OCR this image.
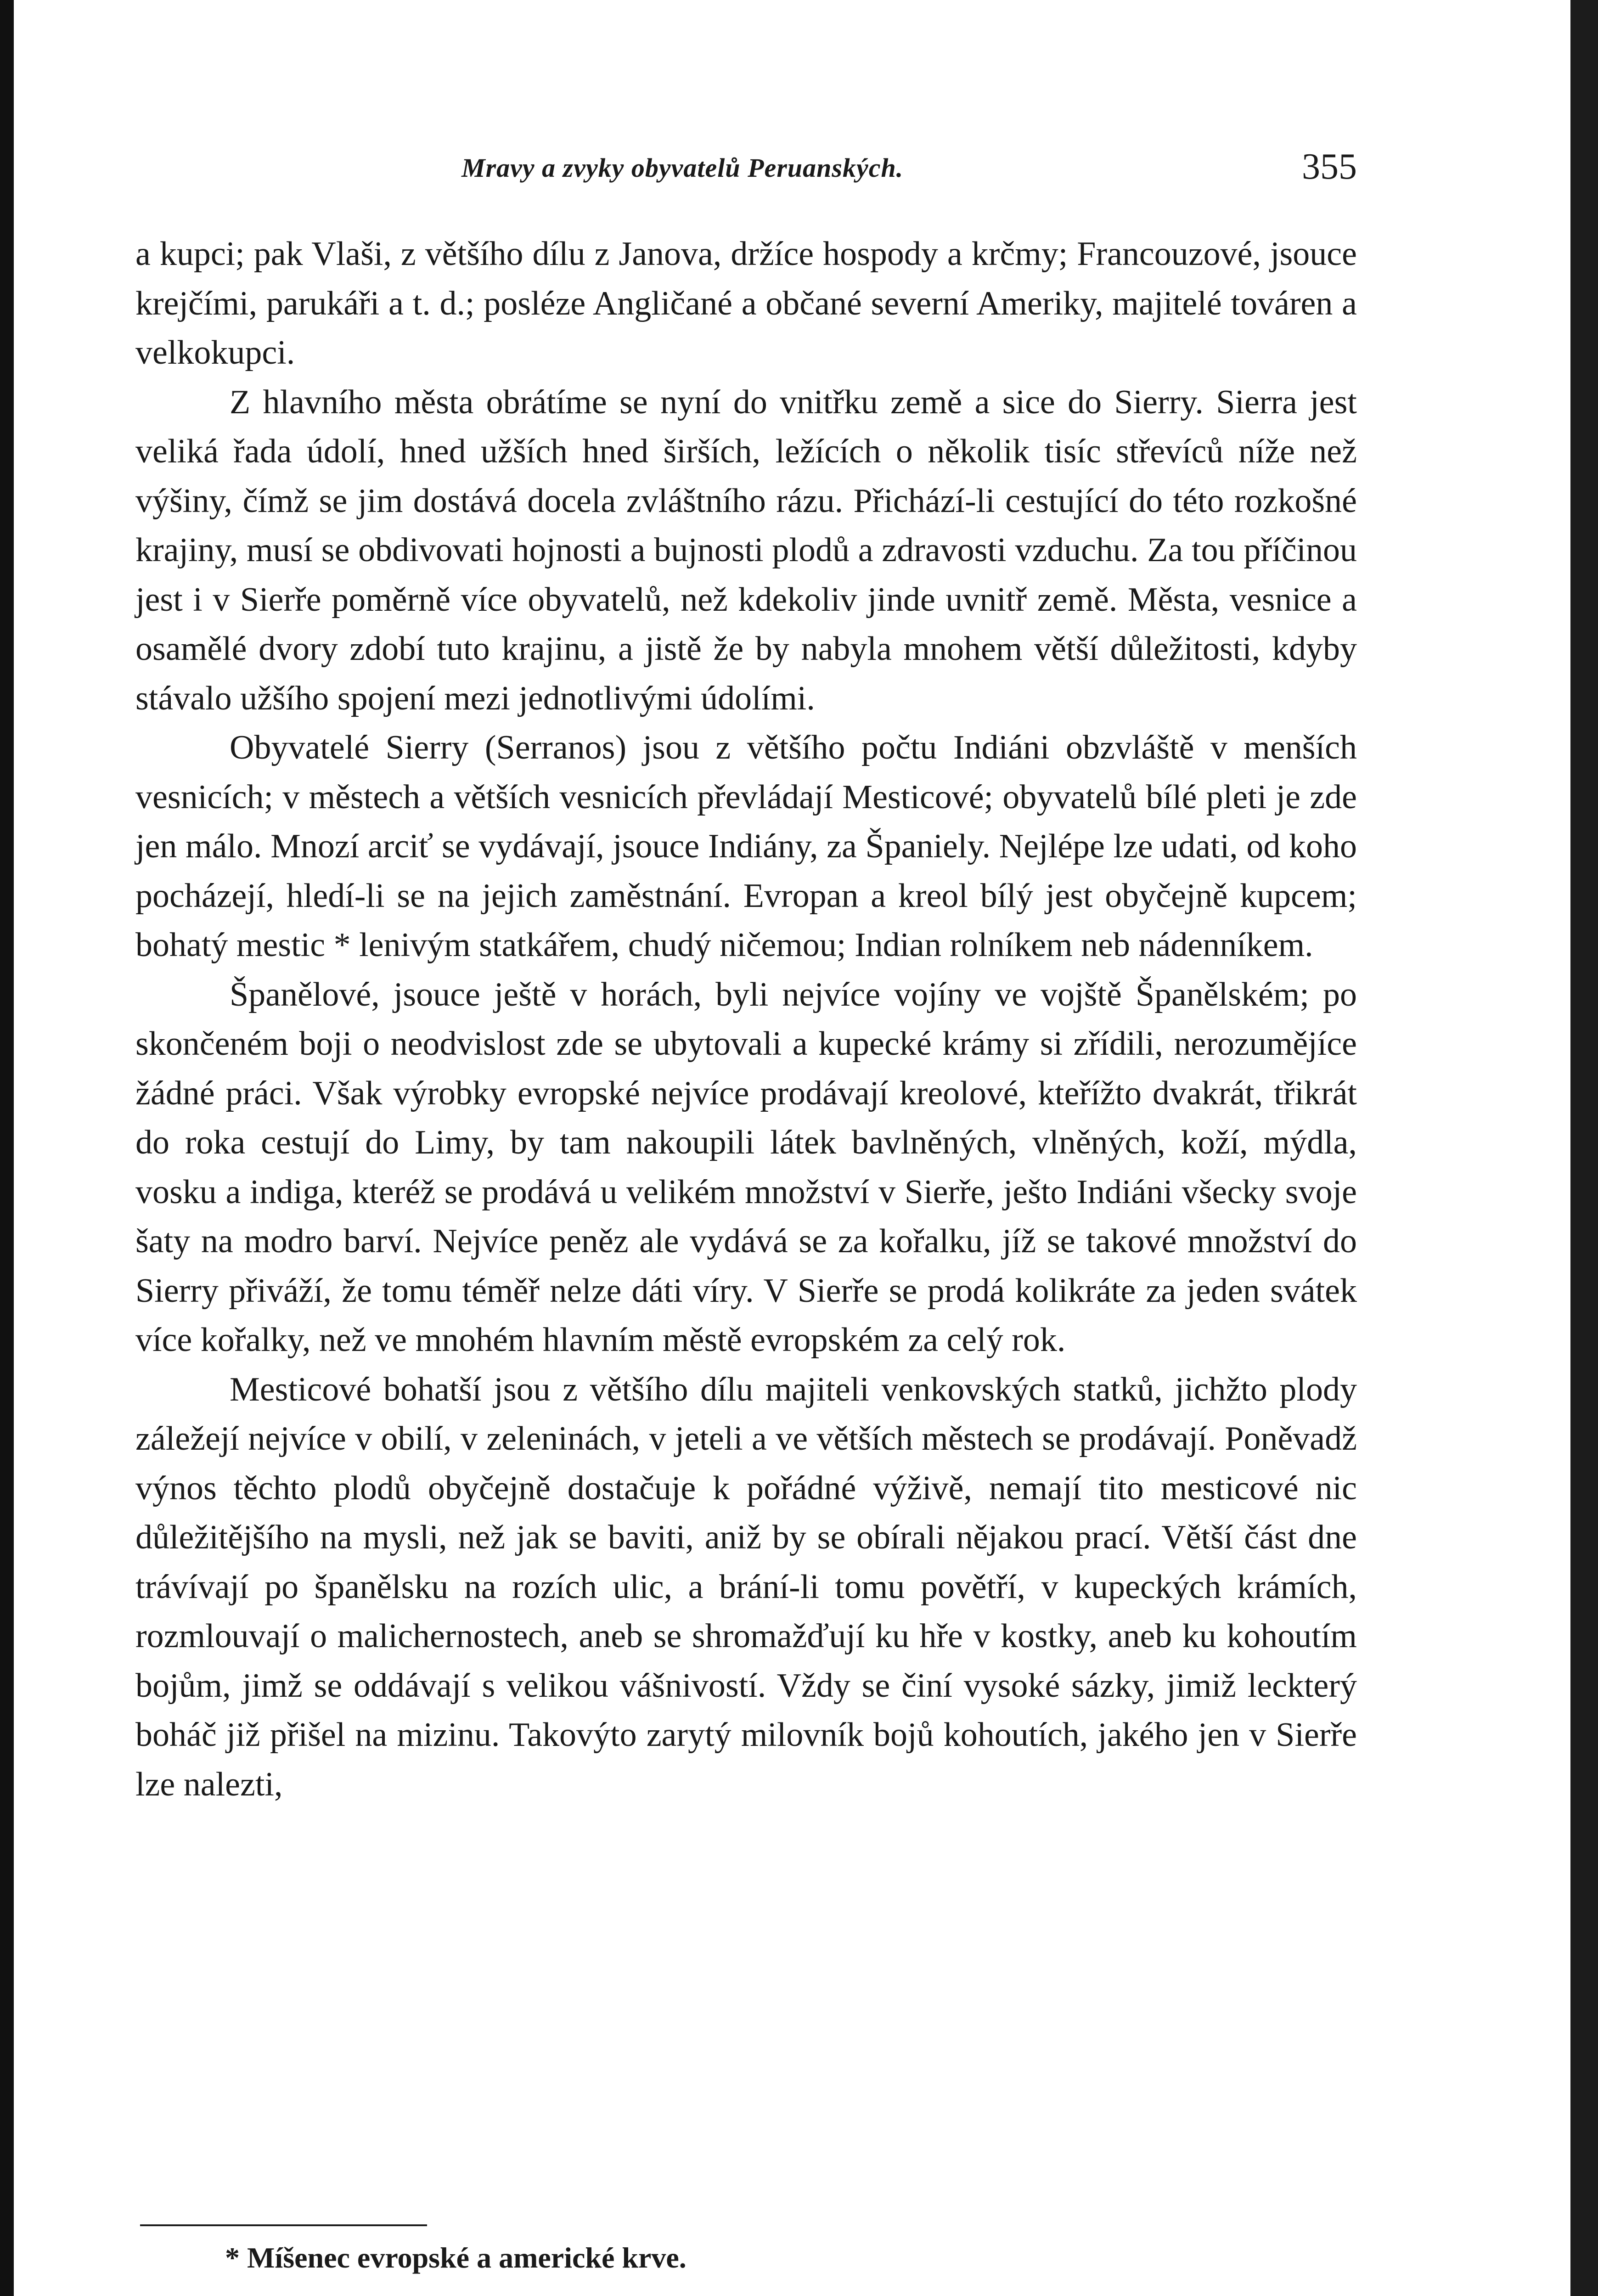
Mravy a zvyky obyvatelů Peruanských.	355

a kupci; pak Vlaši, z většího dílu z Janova, držíce hospody a krčmy; Francouzové, jsouce krejčími, parukáři a t. d.; posléze Angličané a občané severní Ameriky, majitelé továren a velkokupci.

Z hlavního města obrátíme se nyní do vnitřku země a sice do Sierry. Sierra jest veliká řada údolí, hned užších hned širších, ležících o několik tisíc střevíců níže než výšiny, čímž se jim dostává docela zvláštního rázu. Přichází-li cestující do této rozkošné krajiny, musí se obdivovati hojnosti a bujnosti plodů a zdravosti vzduchu. Za tou příčinou jest i v Sierře poměrně více obyvatelů, než kdekoliv jinde uvnitř země. Města, vesnice a osamělé dvory zdobí tuto krajinu, a jistě že by nabyla mnohem větší důležitosti, kdyby stávalo užšího spojení mezi jednotlivými údolími.

Obyvatelé Sierry (Serranos) jsou z většího počtu Indiáni obzvláště v menších vesnicích; v městech a větších vesnicích převládají Mesticové; obyvatelů bílé pleti je zde jen málo. Mnozí arciť se vydávají, jsouce Indiány, za Španiely. Nejlépe lze udati, od koho pocházejí, hledí-li se na jejich zaměstnání. Evropan a kreol bílý jest obyčejně kupcem; bohatý mestic * lenivým statkářem, chudý ničemou; Indian rolníkem neb nádenníkem.

Španělové, jsouce ještě v horách, byli nejvíce vojíny ve vojště Španělském; po skončeném boji o neodvislost zde se ubytovali a kupecké krámy si zřídili, nerozumějíce žádné práci. Však výrobky evropské nejvíce prodávají kreolové, kteřížto dvakrát, třikrát do roka cestují do Limy, by tam nakoupili látek bavlněných, vlněných, koží, mýdla, vosku a indiga, kteréž se prodává u velikém množství v Sierře, ješto Indiáni všecky svoje šaty na modro barví. Nejvíce peněz ale vydává se za kořalku, jíž se takové množství do Sierry přiváží, že tomu téměř nelze dáti víry. V Sierře se prodá kolikráte za jeden svátek více kořalky, než ve mnohém hlavním městě evropském za celý rok.

Mesticové bohatší jsou z většího dílu majiteli venkovských statků, jichžto plody záležejí nejvíce v obilí, v zeleninách, v jeteli a ve větších městech se prodávají. Poněvadž výnos těchto plodů obyčejně dostačuje k pořádné výživě, nemají tito mesticové nic důležitějšího na mysli, než jak se baviti, aniž by se obírali nějakou prací. Větší část dne trávívají po španělsku na rozích ulic, a brání-li tomu povětří, v kupeckých krámích, rozmlouvají o malichernostech, aneb se shromažďují ku hře v kostky, aneb ku kohoutím bojům, jimž se oddávají s velikou vášnivostí. Vždy se činí vysoké sázky, jimiž leckterý boháč již přišel na mizinu. Takovýto zarytý milovník bojů kohoutích, jakého jen v Sierře lze nalezti,

* Míšenec evropské a americké krve.
